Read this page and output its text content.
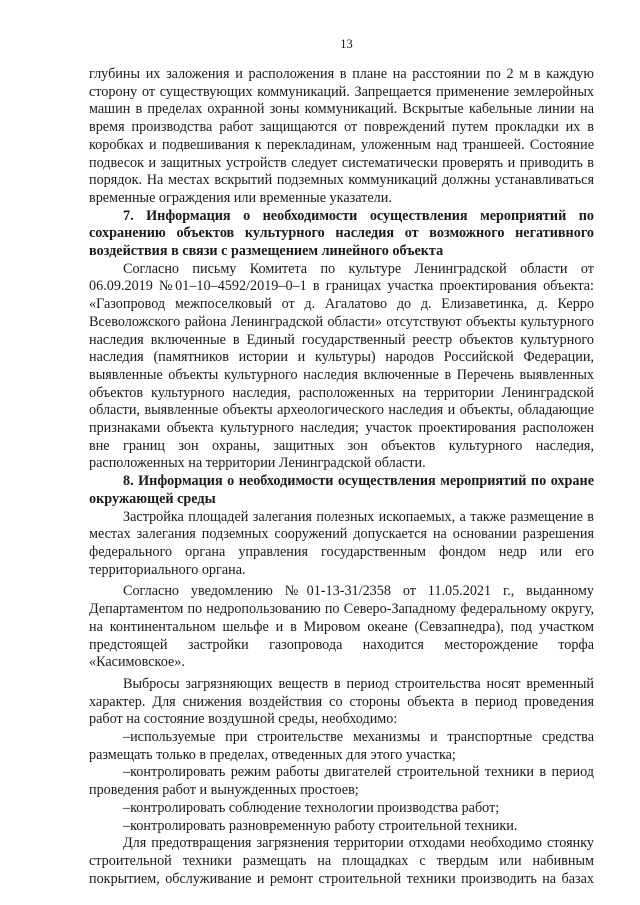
13
глубины их заложения и расположения в плане на расстоянии по 2 м в каждую
сторону от существующих коммуникаций. Запрещается применение землеройных
машин в пределах охранной зоны коммуникаций. Вскрытые кабельные линии на
время производства работ защищаются от повреждений путем прокладки их в
коробках и подвешивания к перекладинам, уложенным над траншеей. Состояние
подвесок и защитных устройств следует систематически проверять и приводить в
порядок. На местах вскрытий подземных коммуникаций должны устанавливаться
временные ограждения или временные указатели.
7. Информация о необходимости осуществления мероприятий по
сохранению объектов культурного наследия от возможного негативного
воздействия в связи с размещением линейного объекта
Согласно письму Комитета по культуре Ленинградской области от
06.09.2019 №01–10–4592/2019–0–1 в границах участка проектирования объекта:
«Газопровод межпоселковый от д. Агалатово до д. Елизаветинка, д. Керро
Всеволожского района Ленинградской области» отсутствуют объекты культурного
наследия включенные в Единый государственный реестр объектов культурного
наследия (памятников истории и культуры) народов Российской Федерации,
выявленные объекты культурного наследия включенные в Перечень выявленных
объектов культурного наследия, расположенных на территории Ленинградской
области, выявленные объекты археологического наследия и объекты, обладающие
признаками объекта культурного наследия; участок проектирования расположен
вне границ зон охраны, защитных зон объектов культурного наследия,
расположенных на территории Ленинградской области.
8. Информация о необходимости осуществления мероприятий по охране
окружающей среды
Застройка площадей залегания полезных ископаемых, а также размещение в
местах залегания подземных сооружений допускается на основании разрешения
федерального органа управления государственным фондом недр или его
территориального органа.
Согласно уведомлению №01-13-31/2358 от 11.05.2021 г., выданному
Департаментом по недропользованию по Северо-Западному федеральному округу,
на континентальном шельфе и в Мировом океане (Севзапнедра), под участком
предстоящей застройки газопровода находится месторождение торфа
«Касимовское».
Выбросы загрязняющих веществ в период строительства носят временный
характер. Для снижения воздействия со стороны объекта в период проведения
работ на состояние воздушной среды, необходимо:
–используемые при строительстве механизмы и транспортные средства
размещать только в пределах, отведенных для этого участка;
–контролировать режим работы двигателей строительной техники в период
проведения работ и вынужденных простоев;
–контролировать соблюдение технологии производства работ;
–контролировать разновременную работу строительной техники.
Для предотвращения загрязнения территории отходами необходимо стоянку
строительной техники размещать на площадках с твердым или набивным
покрытием, обслуживание и ремонт строительной техники производить на базах
